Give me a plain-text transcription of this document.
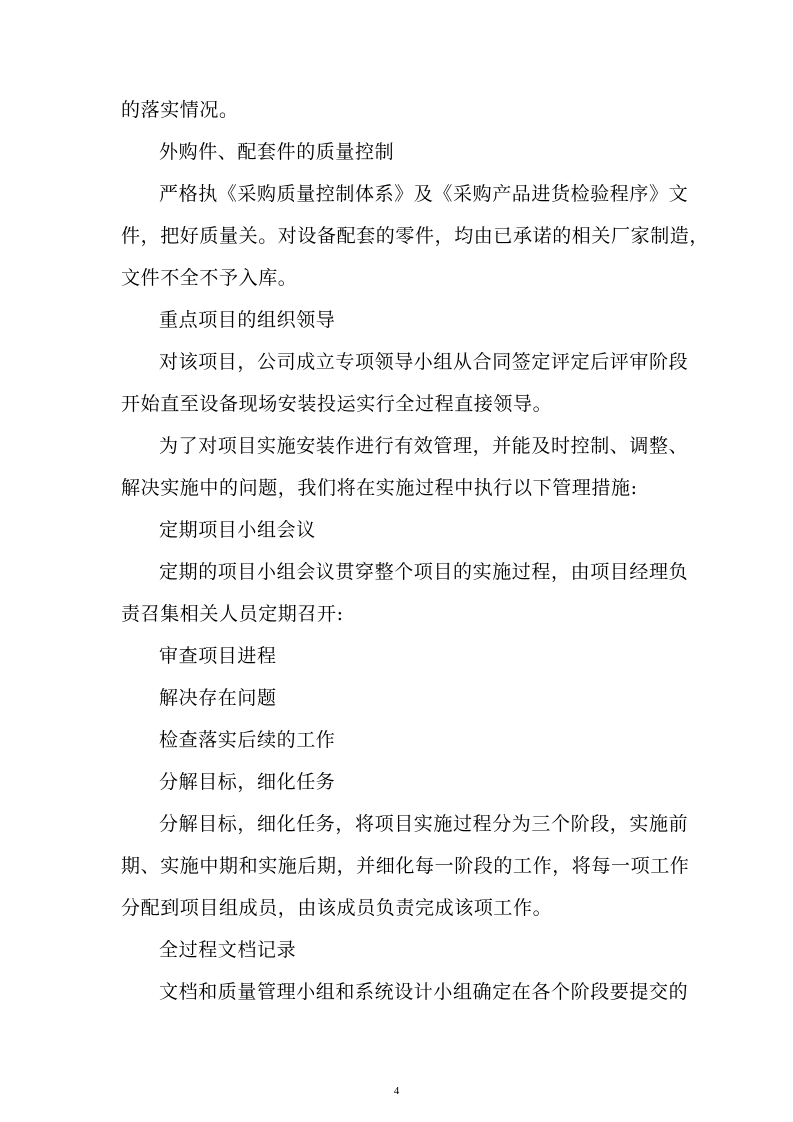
的落实情况。
外购件、配套件的质量控制
严格执《采购质量控制体系》及《采购产品进货检验程序》文
件，把好质量关。对设备配套的零件，均由已承诺的相关厂家制造，
文件不全不予入库。
重点项目的组织领导
对该项目，公司成立专项领导小组从合同签定评定后评审阶段
开始直至设备现场安装投运实行全过程直接领导。
为了对项目实施安装作进行有效管理，并能及时控制、调整、
解决实施中的问题，我们将在实施过程中执行以下管理措施:
定期项目小组会议
定期的项目小组会议贯穿整个项目的实施过程，由项目经理负
责召集相关人员定期召开:
审查项目进程
解决存在问题
检查落实后续的工作
分解目标，细化任务
分解目标，细化任务，将项目实施过程分为三个阶段，实施前
期、实施中期和实施后期，并细化每一阶段的工作，将每一项工作
分配到项目组成员，由该成员负责完成该项工作。
全过程文档记录
文档和质量管理小组和系统设计小组确定在各个阶段要提交的
4
